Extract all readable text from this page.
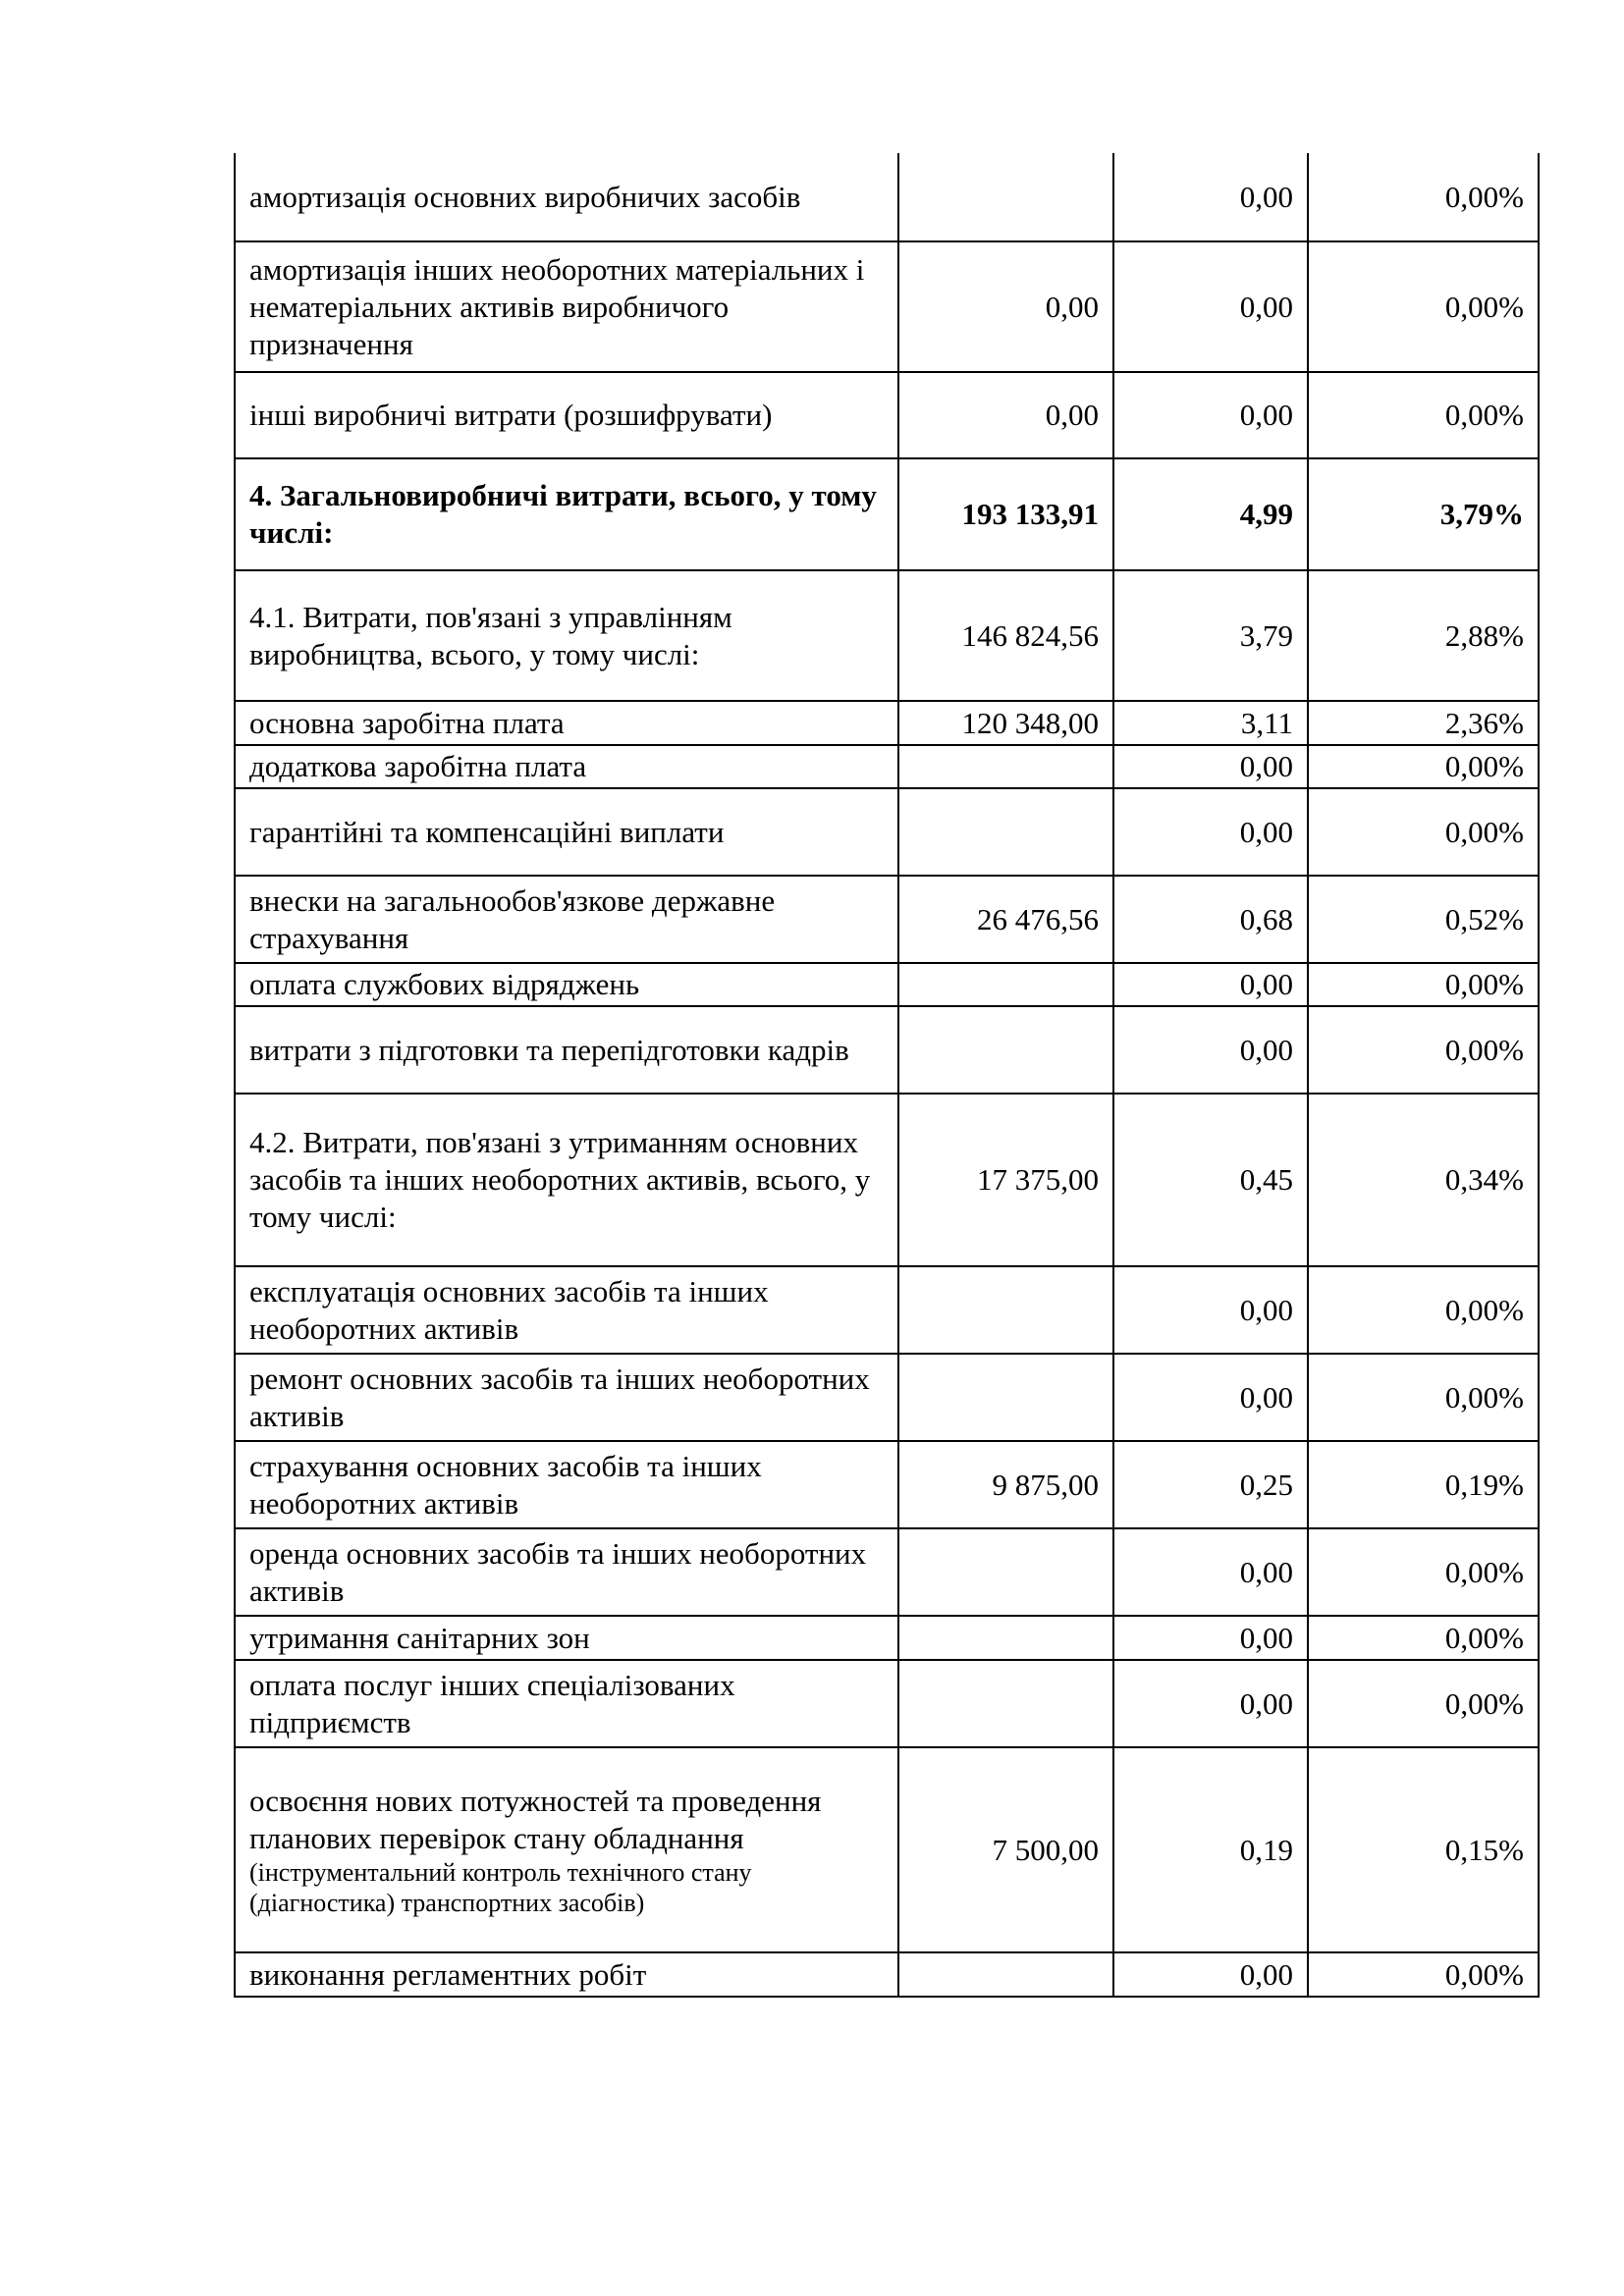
амортизація основних виробничих засобів		0,00	0,00%
амортизація інших необоротних матеріальних і нематеріальних активів виробничого призначення	0,00	0,00	0,00%
інші виробничі витрати (розшифрувати)	0,00	0,00	0,00%
4. Загальновиробничі витрати, всього, у тому числі:	193 133,91	4,99	3,79%
4.1. Витрати, пов'язані з управлінням виробництва, всього, у тому числі:	146 824,56	3,79	2,88%
основна заробітна плата	120 348,00	3,11	2,36%
додаткова заробітна плата		0,00	0,00%
гарантійні та компенсаційні виплати		0,00	0,00%
внески на загальнообов'язкове державне страхування	26 476,56	0,68	0,52%
оплата службових відряджень		0,00	0,00%
витрати з підготовки та перепідготовки кадрів		0,00	0,00%
4.2. Витрати, пов'язані з утриманням основних засобів та інших необоротних активів, всього, у тому числі:	17 375,00	0,45	0,34%
експлуатація основних засобів та інших необоротних активів		0,00	0,00%
ремонт основних засобів та інших необоротних активів		0,00	0,00%
страхування основних засобів та інших необоротних активів	9 875,00	0,25	0,19%
оренда основних засобів та інших необоротних активів		0,00	0,00%
утримання санітарних зон		0,00	0,00%
оплата послуг інших спеціалізованих підприємств		0,00	0,00%
освоєння нових потужностей та проведення планових перевірок стану обладнання
(інструментальний контроль технічного стану (діагностика) транспортних засобів)	7 500,00	0,19	0,15%
виконання регламентних робіт		0,00	0,00%
